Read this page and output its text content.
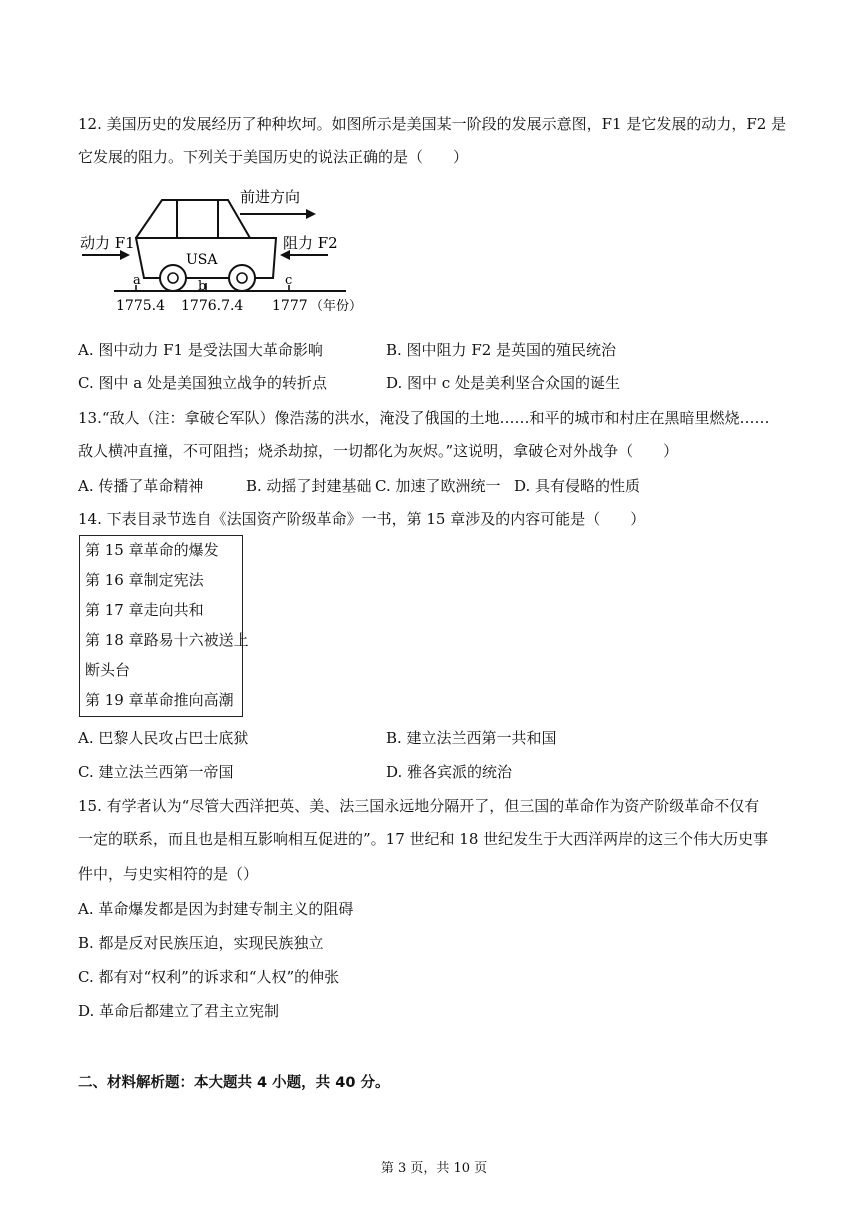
12. 美国历史的发展经历了种种坎坷。如图所示是美国某一阶段的发展示意图，F1 是它发展的动力，F2 是
它发展的阻力。下列关于美国历史的说法正确的是（　　）
前进方向
动力 F1	阻力 F2
USA
a	b	c
1775.4 1776.7.4 1777 （年份）
A. 图中动力 F1 是受法国大革命影响	B. 图中阻力 F2 是英国的殖民统治
C. 图中 a 处是美国独立战争的转折点	D. 图中 c 处是美利坚合众国的诞生
13.“敌人（注：拿破仑军队）像浩荡的洪水，淹没了俄国的土地……和平的城市和村庄在黑暗里燃烧……
敌人横冲直撞，不可阻挡；烧杀劫掠，一切都化为灰烬。”这说明，拿破仑对外战争（　　）
A. 传播了革命精神	B. 动摇了封建基础 C. 加速了欧洲统一 D. 具有侵略的性质
14. 下表目录节选自《法国资产阶级革命》一书，第 15 章涉及的内容可能是（　　）
第 15 章革命的爆发
第 16 章制定宪法
第 17 章走向共和
第 18 章路易十六被送上
断头台
第 19 章革命推向高潮
A. 巴黎人民攻占巴士底狱	B. 建立法兰西第一共和国
C. 建立法兰西第一帝国	D. 雅各宾派的统治
15. 有学者认为“尽管大西洋把英、美、法三国永远地分隔开了，但三国的革命作为资产阶级革命不仅有
一定的联系，而且也是相互影响相互促进的”。17 世纪和 18 世纪发生于大西洋两岸的这三个伟大历史事
件中，与史实相符的是（）
A. 革命爆发都是因为封建专制主义的阻碍
B. 都是反对民族压迫，实现民族独立
C. 都有对“权利”的诉求和“人权”的伸张
D. 革命后都建立了君主立宪制
二、材料解析题：本大题共 4 小题，共 40 分。
第 3 页，共 10 页
